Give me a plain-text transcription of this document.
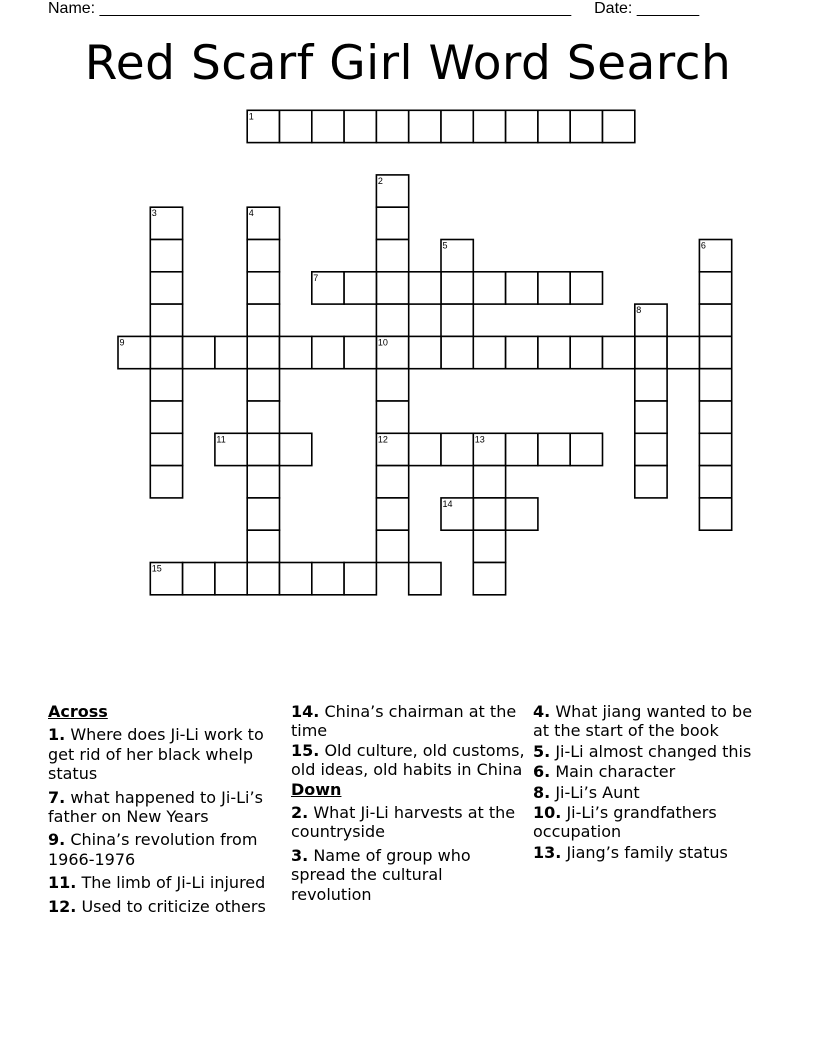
Name: _____________________________________________________ Date: _______
Red Scarf Girl Word Search
1
2
3	4
5	6
7
8
9	10
11	12	13
14
15
Across
1. Where does Ji-Li work to get rid of her black whelp status
7. what happened to Ji-Li’s father on New Years
9. China’s revolution from 1966-1976
11. The limb of Ji-Li injured
12. Used to criticize others
14. China’s chairman at the time
15. Old culture, old customs, old ideas, old habits in China
Down
2. What Ji-Li harvests at the countryside
3. Name of group who spread the cultural revolution
4. What jiang wanted to be at the start of the book
5. Ji-Li almost changed this
6. Main character
8. Ji-Li’s Aunt
10. Ji-Li’s grandfathers occupation
13. Jiang’s family status
